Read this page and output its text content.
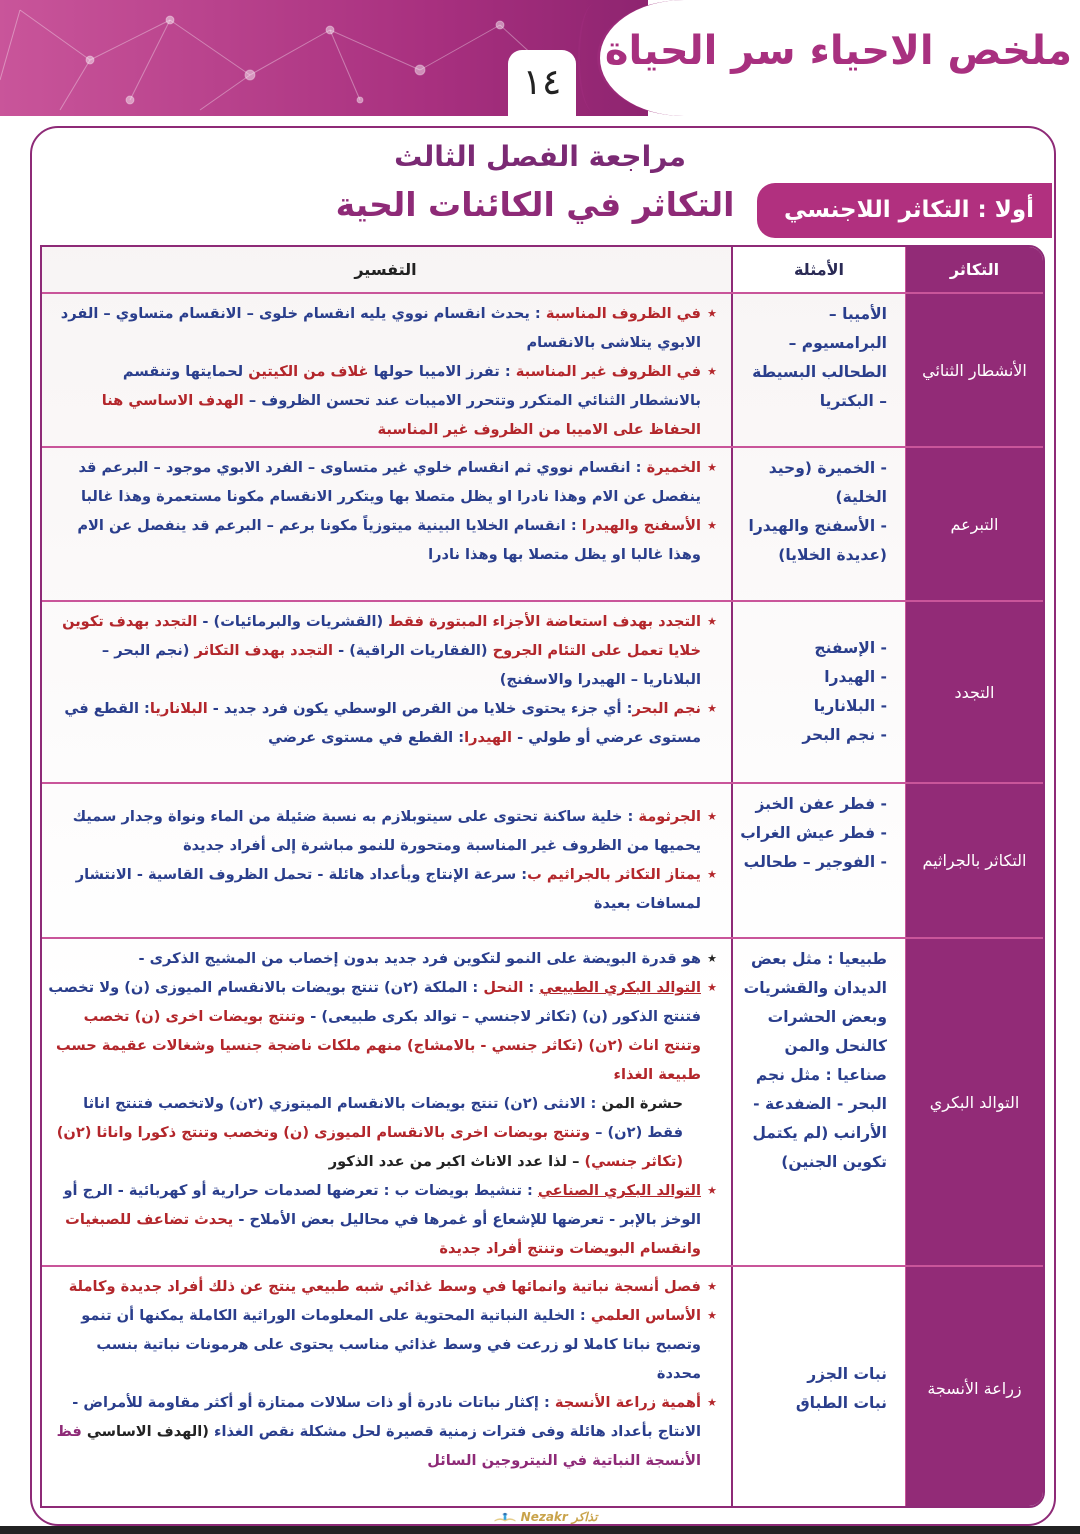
ملخص الاحياء سر الحياة
١٤
مراجعة الفصل الثالث
التكاثر في الكائنات الحية	أولا : التكاثر اللاجنسي
التكاثر
الأمثلة
التفسير
الأنشطار الثنائي
الأميبا – البرامسيوم – الطحالب البسيطة – البكتريا
★
في الظروف المناسبة : يحدث انقسام نووي يليه انقسام خلوى – الانقسام متساوي – الفرد الابوي يتلاشى بالانقسام
★
في الظروف غير المناسبة : تفرز الاميبا حولها غلاف من الكيتين لحمايتها وتنقسم بالانشطار الثنائي المتكرر وتتحرر الاميبات عند تحسن الظروف – الهدف الاساسي هنا الحفاظ على الاميبا من الظروف غير المناسبة
التبرعم
- الخميرة (وحيد الخلية)
- الأسفنج والهيدرا (عديدة الخلايا)
★
الخميرة : انقسام نووي ثم انقسام خلوي غير متساوى – الفرد الابوي موجود – البرعم قد ينفصل عن الام وهذا نادرا او يظل متصلا بها ويتكرر الانقسام مكونا مستعمرة وهذا غالبا
★
الأسفنج والهيدرا : انقسام الخلايا البينية ميتوزياً مكونا برعم – البرعم قد ينفصل عن الام وهذا غالبا او يظل متصلا بها وهذا نادرا
التجدد
- الإسفنج
- الهيدرا
- البلاناريا
- نجم البحر
★
التجدد بهدف استعاضة الأجزاء المبتورة فقط (القشريات والبرمائيات) - التجدد بهدف تكوين خلايا تعمل على التئام الجروح (الفقاريات الراقية) - التجدد بهدف التكاثر (نجم البحر – البلاناريا – الهيدرا والاسفنج)
★
نجم البحر: أي جزء يحتوى خلايا من القرص الوسطي يكون فرد جديد - البلاناريا: القطع في مستوى عرضي أو طولي - الهيدرا: القطع في مستوى عرضي
التكاثر بالجراثيم
- فطر عفن الخبز
- فطر عيش الغراب
- الفوجير – طحالب
★
الجرثومة : خلية ساكنة تحتوى على سيتوبلازم به نسبة ضئيلة من الماء ونواة وجدار سميك يحميها من الظروف غير المناسبة ومتحورة للنمو مباشرة إلى أفراد جديدة
★
يمتاز التكاثر بالجراثيم ب: سرعة الإنتاج وبأعداد هائلة - تحمل الظروف القاسية - الانتشار لمسافات بعيدة
التوالد البكري
طبيعيا : مثل بعض الديدان والقشريات وبعض الحشرات كالنحل والمن
صناعيا : مثل نجم البحر - الضفدعة - الأرانب (لم يكتمل تكوين الجنين)
★
هو قدرة البويضة على النمو لتكوين فرد جديد بدون إخصاب من المشيج الذكرى -
★
التوالد البكري الطبيعي : النحل : الملكة (٢ن) تنتج بويضات بالانقسام الميوزى (ن) ولا تخصب فتنتج الذكور (ن) (تكاثر لاجنسي – توالد بكرى طبيعى) - وتنتج بويضات اخرى (ن) تخصب وتنتج اناث (٢ن) (تكاثر جنسي - بالامشاج) منهم ملكات ناضجة جنسيا وشغالات عقيمة حسب طبيعة الغذاء
حشرة المن : الانثى (٢ن) تنتج بويضات بالانقسام الميتوزي (٢ن) ولاتخصب فتنتج اناثا فقط (٢ن) – وتنتج بويضات اخرى بالانقسام الميوزى (ن) وتخصب وتنتج ذكورا واناثا (٢ن) (تكاثر جنسي) – لذا عدد الاناث اكبر من عدد الذكور
★
التوالد البكري الصناعي : تنشيط بويضات ب : تعرضها لصدمات حرارية أو كهربائية - الرج أو الوخز بالإبر - تعرضها للإشعاع أو غمرها في محاليل بعض الأملاح - يحدث تضاعف للصبغيات وانقسام البويضات وتنتج أفراد جديدة
زراعة الأنسجة
نبات الجزر
نبات الطباق
★
فصل أنسجة نباتية وانمائها في وسط غذائي شبه طبيعي ينتج عن ذلك أفراد جديدة وكاملة
★
الأساس العلمي : الخلية النباتية المحتوية على المعلومات الوراثية الكاملة يمكنها أن تنمو وتصبح نباتا كاملا لو زرعت في وسط غذائي مناسب يحتوى على هرمونات نباتية بنسب محددة
★
أهمية زراعة الأنسجة : إكثار نباتات نادرة أو ذات سلالات ممتازة أو أكثر مقاومة للأمراض - الانتاج بأعداد هائلة وفى فترات زمنية قصيرة لحل مشكلة نقص الغذاء (الهدف الاساسي فظ الأنسجة النباتية في النيتروجين السائل
Nezakr تذاكر
